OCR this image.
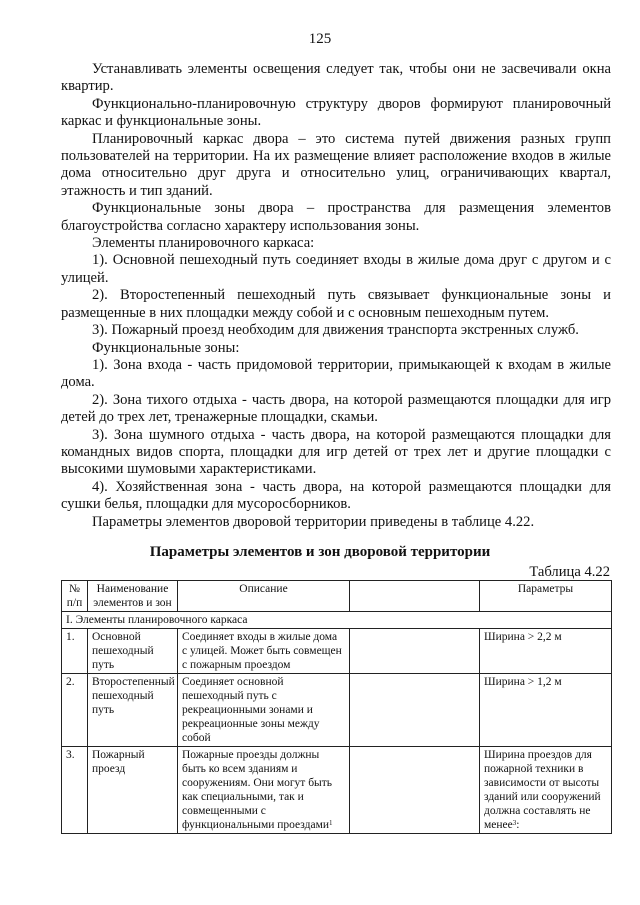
125

Устанавливать элементы освещения следует так, чтобы они не засвечивали окна квартир.

Функционально-планировочную структуру дворов формируют планировочный каркас и функциональные зоны.

Планировочный каркас двора – это система путей движения разных групп пользователей на территории. На их размещение влияет расположение входов в жилые дома относительно друг друга и относительно улиц, ограничивающих квартал, этажность и тип зданий.

Функциональные зоны двора – пространства для размещения элементов благоустройства согласно характеру использования зоны.

Элементы планировочного каркаса:

1). Основной пешеходный путь соединяет входы в жилые дома друг с другом и с улицей.

2). Второстепенный пешеходный путь связывает функциональные зоны и размещенные в них площадки между собой и с основным пешеходным путем.

3). Пожарный проезд необходим для движения транспорта экстренных служб.

Функциональные зоны:

1). Зона входа - часть придомовой территории, примыкающей к входам в жилые дома.

2). Зона тихого отдыха - часть двора, на которой размещаются площадки для игр детей до трех лет, тренажерные площадки, скамьи.

3). Зона шумного отдыха - часть двора, на которой размещаются площадки для командных видов спорта, площадки для игр детей от трех лет и другие площадки с высокими шумовыми характеристиками.

4). Хозяйственная зона - часть двора, на которой размещаются площадки для сушки белья, площадки для мусоросборников.

Параметры элементов дворовой территории приведены в таблице 4.22.

Параметры элементов и зон дворовой территории
Таблица 4.22
№ п/п	Наименование элементов и зон	Описание		Параметры
I. Элементы планировочного каркаса				
1.	Основной пешеходный путь	Соединяет входы в жилые дома с улицей. Может быть совмещен с пожарным проездом		Ширина > 2,2 м
2.	Второстепенный пешеходный путь	Соединяет основной пешеходный путь с рекреационными зонами и рекреационные зоны между собой		Ширина > 1,2 м
3.	Пожарный проезд	Пожарные проезды должны быть ко всем зданиям и сооружениям. Они могут быть как специальными, так и совмещенными с функциональными проездами$^1$		Ширина проездов для пожарной техники в зависимости от высоты зданий или сооружений должна составлять не менее$^3$:
